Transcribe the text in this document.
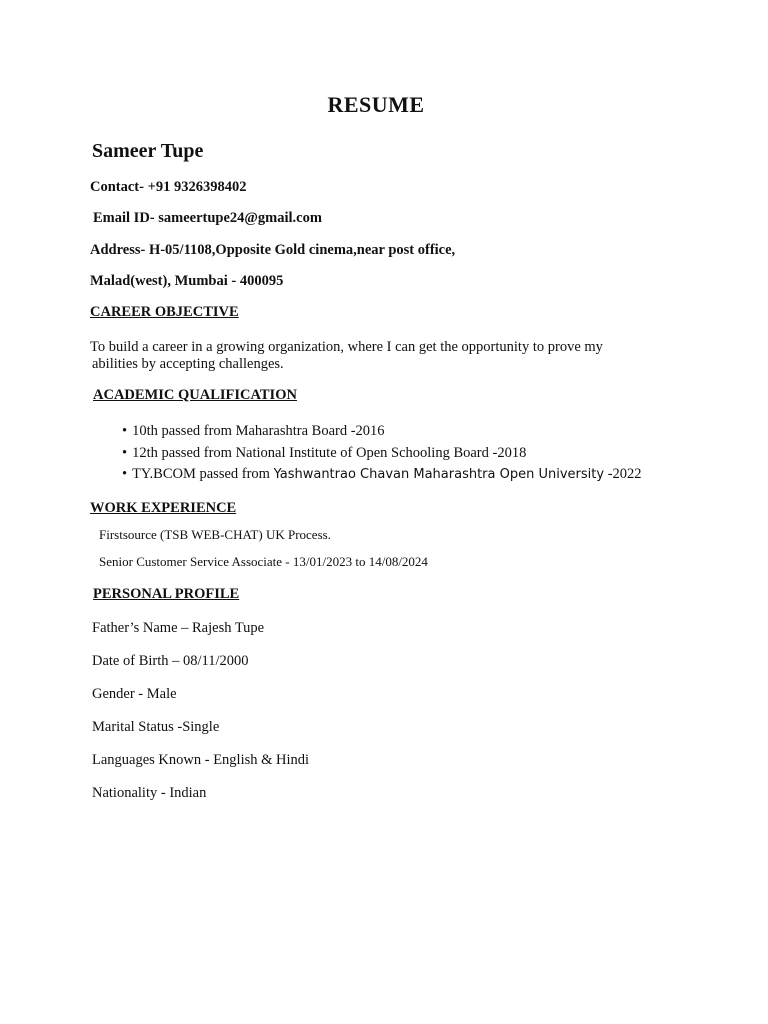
RESUME
Sameer Tupe
Contact- +91 9326398402
Email ID- sameertupe24@gmail.com
Address- H-05/1108,Opposite Gold cinema,near post office,
Malad(west), Mumbai - 400095
CAREER OBJECTIVE
To build a career in a growing organization, where I can get the opportunity to prove my
abilities by accepting challenges.
ACADEMIC QUALIFICATION
• 10th passed from Maharashtra Board -2016
• 12th passed from National Institute of Open Schooling Board -2018
• TY.BCOM passed from Yashwantrao Chavan Maharashtra Open University -2022
WORK EXPERIENCE
Firstsource (TSB WEB-CHAT) UK Process.
Senior Customer Service Associate - 13/01/2023 to 14/08/2024
PERSONAL PROFILE
Father’s Name – Rajesh Tupe
Date of Birth – 08/11/2000
Gender - Male
Marital Status -Single
Languages Known - English & Hindi
Nationality - Indian
